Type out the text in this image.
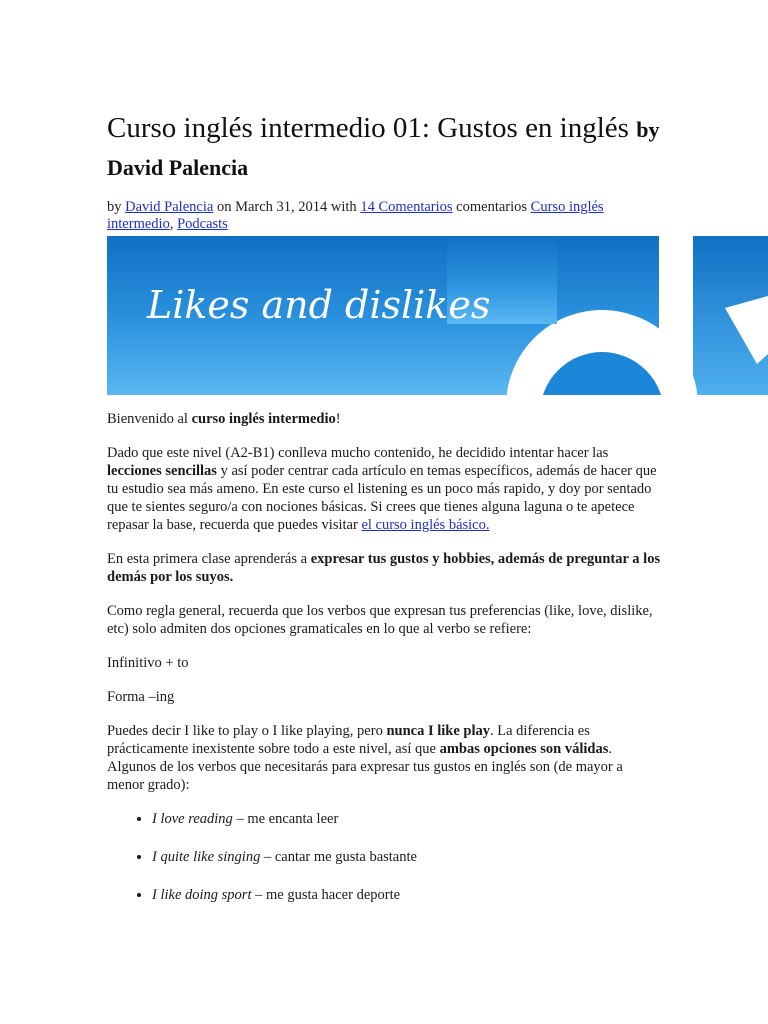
Curso inglés intermedio 01: Gustos en inglés by David Palencia
by David Palencia on March 31, 2014 with 14 Comentarios comentarios Curso inglés intermedio, Podcasts
Likes and dislikes

Bienvenido al curso inglés intermedio!

Dado que este nivel (A2-B1) conlleva mucho contenido, he decidido intentar hacer las lecciones sencillas y así poder centrar cada artículo en temas específicos, además de hacer que tu estudio sea más ameno. En este curso el listening es un poco más rapido, y doy por sentado que te sientes seguro/a con nociones básicas. Si crees que tienes alguna laguna o te apetece repasar la base, recuerda que puedes visitar el curso inglés básico.

En esta primera clase aprenderás a expresar tus gustos y hobbies, además de preguntar a los demás por los suyos.

Como regla general, recuerda que los verbos que expresan tus preferencias (like, love, dislike, etc) solo admiten dos opciones gramaticales en lo que al verbo se refiere:

Infinitivo + to

Forma –ing

Puedes decir I like to play o I like playing, pero nunca I like play. La diferencia es prácticamente inexistente sobre todo a este nivel, así que ambas opciones son válidas. Algunos de los verbos que necesitarás para expresar tus gustos en inglés son (de mayor a menor grado):

• I love reading – me encanta leer
• I quite like singing – cantar me gusta bastante
• I like doing sport – me gusta hacer deporte
